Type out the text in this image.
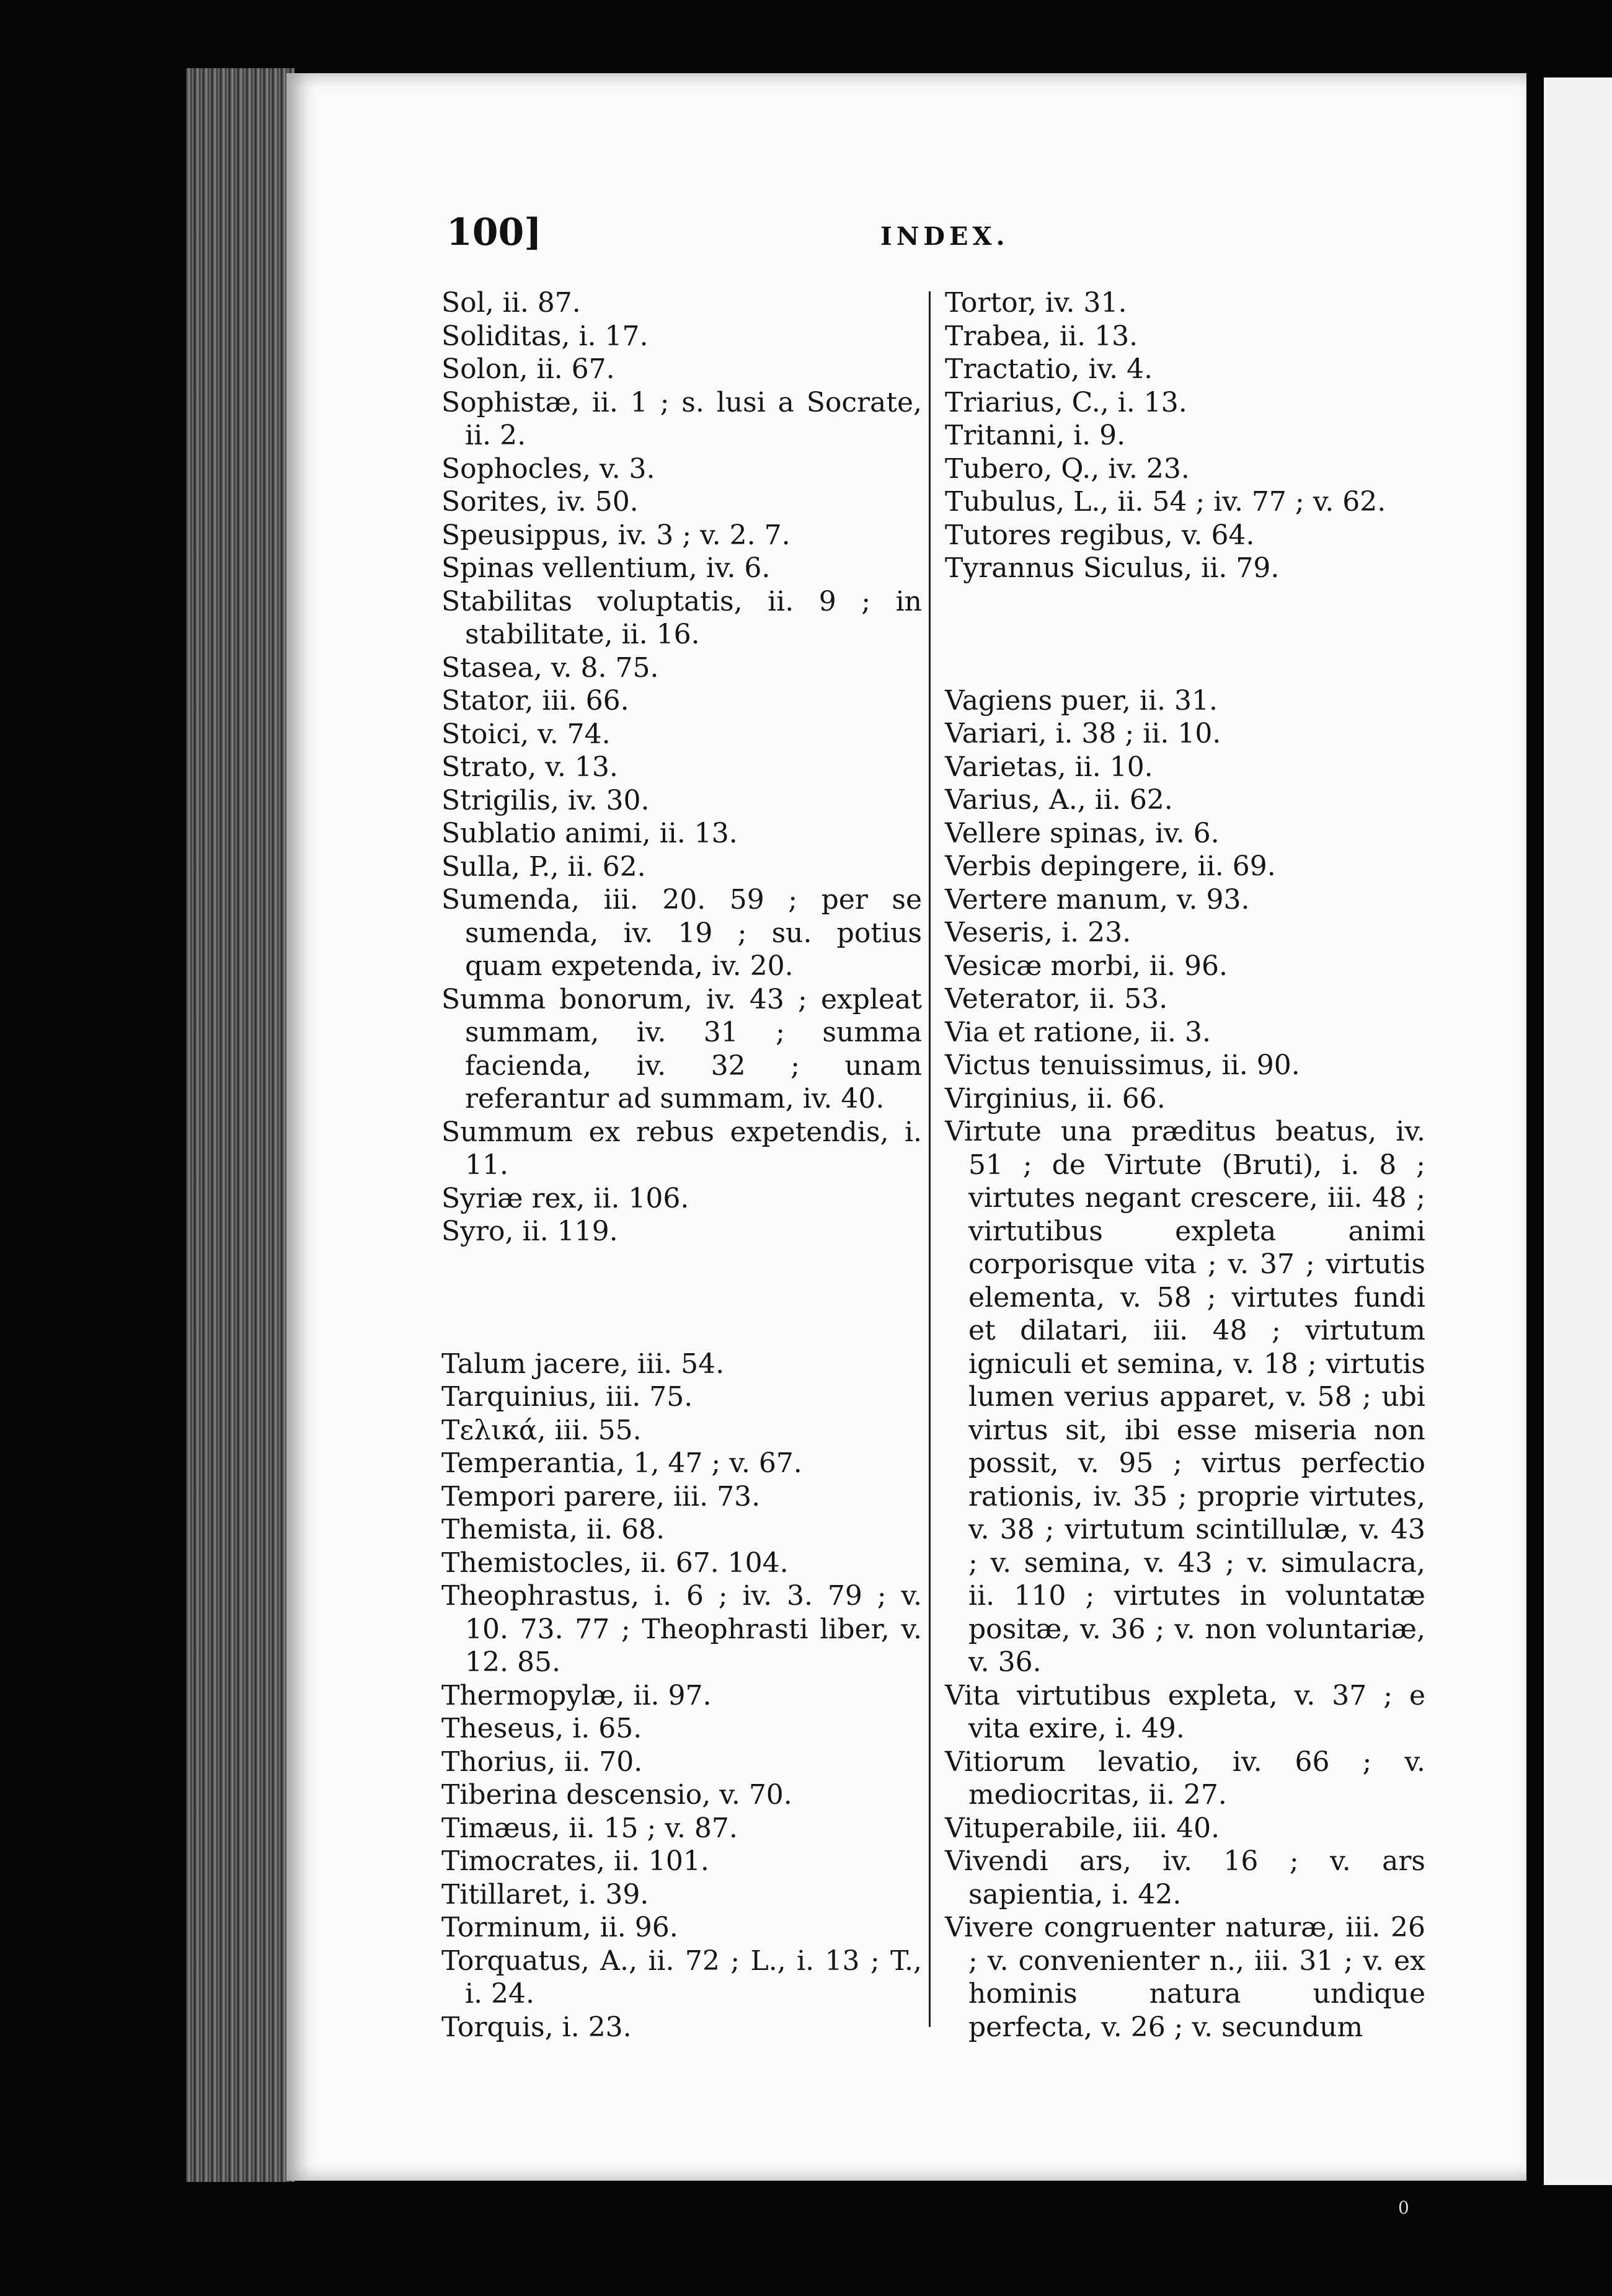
100]	INDEX.

Sol, ii. 87.

Soliditas, i. 17.

Solon, ii. 67.

Sophistæ, ii. 1 ; s. lusi a Socrate, ii. 2.

Sophocles, v. 3.

Sorites, iv. 50.

Speusippus, iv. 3 ; v. 2. 7.

Spinas vellentium, iv. 6.

Stabilitas voluptatis, ii. 9 ; in stabilitate, ii. 16.

Stasea, v. 8. 75.

Stator, iii. 66.

Stoici, v. 74.

Strato, v. 13.

Strigilis, iv. 30.

Sublatio animi, ii. 13.

Sulla, P., ii. 62.

Sumenda, iii. 20. 59 ; per se sumenda, iv. 19 ; su. potius quam expetenda, iv. 20.

Summa bonorum, iv. 43 ; expleat summam, iv. 31 ; summa facienda, iv. 32 ; unam referantur ad summam, iv. 40.

Summum ex rebus expetendis, i. 11.

Syriæ rex, ii. 106.

Syro, ii. 119.

Talum jacere, iii. 54.

Tarquinius, iii. 75.

Τελικά, iii. 55.

Temperantia, 1, 47 ; v. 67.

Tempori parere, iii. 73.

Themista, ii. 68.

Themistocles, ii. 67. 104.

Theophrastus, i. 6 ; iv. 3. 79 ; v. 10. 73. 77 ; Theophrasti liber, v. 12. 85.

Thermopylæ, ii. 97.

Theseus, i. 65.

Thorius, ii. 70.

Tiberina descensio, v. 70.

Timæus, ii. 15 ; v. 87.

Timocrates, ii. 101.

Titillaret, i. 39.

Torminum, ii. 96.

Torquatus, A., ii. 72 ; L., i. 13 ; T., i. 24.

Torquis, i. 23.

Tortor, iv. 31.

Trabea, ii. 13.

Tractatio, iv. 4.

Triarius, C., i. 13.

Tritanni, i. 9.

Tubero, Q., iv. 23.

Tubulus, L., ii. 54 ; iv. 77 ; v. 62.

Tutores regibus, v. 64.

Tyrannus Siculus, ii. 79.

Vagiens puer, ii. 31.

Variari, i. 38 ; ii. 10.

Varietas, ii. 10.

Varius, A., ii. 62.

Vellere spinas, iv. 6.

Verbis depingere, ii. 69.

Vertere manum, v. 93.

Veseris, i. 23.

Vesicæ morbi, ii. 96.

Veterator, ii. 53.

Via et ratione, ii. 3.

Victus tenuissimus, ii. 90.

Virginius, ii. 66.

Virtute una præditus beatus, iv. 51 ; de Virtute (Bruti), i. 8 ; virtutes negant crescere, iii. 48 ; virtutibus expleta animi corporisque vita ; v. 37 ; virtutis elementa, v. 58 ; virtutes fundi et dilatari, iii. 48 ; virtutum igniculi et semina, v. 18 ; virtutis lumen verius apparet, v. 58 ; ubi virtus sit, ibi esse miseria non possit, v. 95 ; virtus perfectio rationis, iv. 35 ; proprie virtutes, v. 38 ; virtutum scintillulæ, v. 43 ; v. semina, v. 43 ; v. simulacra, ii. 110 ; virtutes in voluntatæ positæ, v. 36 ; v. non voluntariæ, v. 36.

Vita virtutibus expleta, v. 37 ; e vita exire, i. 49.

Vitiorum levatio, iv. 66 ; v. mediocritas, ii. 27.

Vituperabile, iii. 40.

Vivendi ars, iv. 16 ; v. ars sapientia, i. 42.

Vivere congruenter naturæ, iii. 26 ; v. convenienter n., iii. 31 ; v. ex hominis natura undique perfecta, v. 26 ; v. secundum

0
